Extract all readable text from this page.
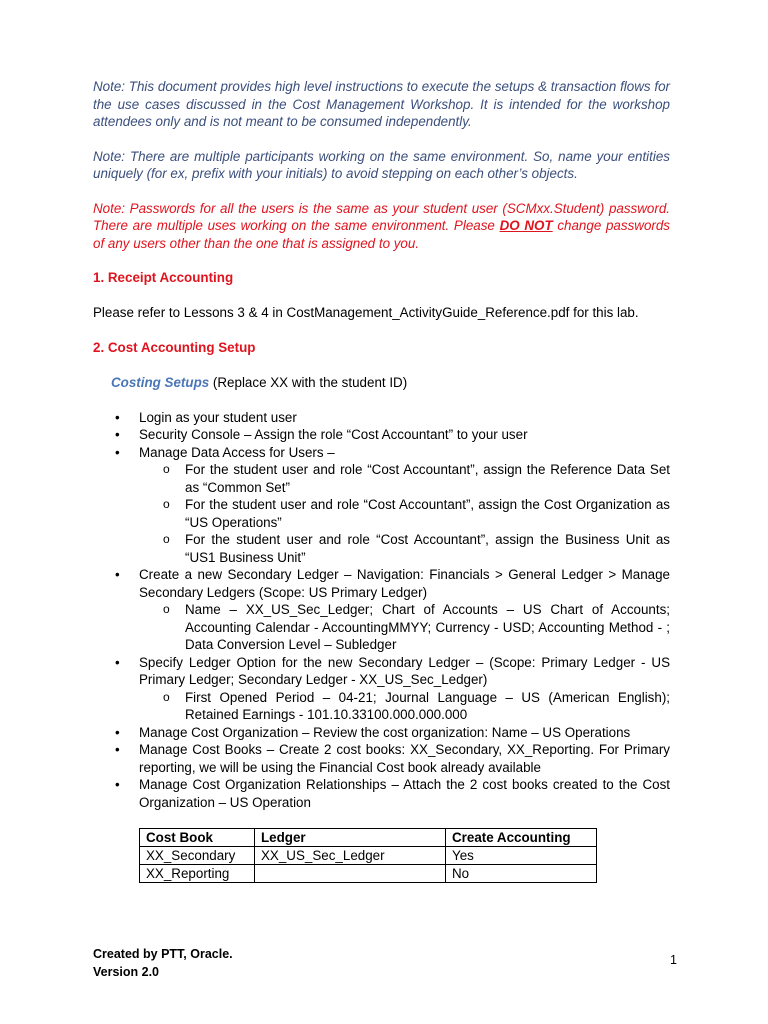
Note: This document provides high level instructions to execute the setups & transaction flows for the use cases discussed in the Cost Management Workshop. It is intended for the workshop attendees only and is not meant to be consumed independently.

Note: There are multiple participants working on the same environment. So, name your entities uniquely (for ex, prefix with your initials) to avoid stepping on each other’s objects.

Note: Passwords for all the users is the same as your student user (SCMxx.Student) password. There are multiple uses working on the same environment. Please DO NOT change passwords of any users other than the one that is assigned to you.

1. Receipt Accounting

Please refer to Lessons 3 & 4 in CostManagement_ActivityGuide_Reference.pdf for this lab.

2. Cost Accounting Setup

Costing Setups (Replace XX with the student ID)

• Login as your student user
• Security Console – Assign the role “Cost Accountant” to your user
• Manage Data Access for Users –
o For the student user and role “Cost Accountant”, assign the Reference Data Set as “Common Set”
o For the student user and role “Cost Accountant”, assign the Cost Organization as “US Operations”
o For the student user and role “Cost Accountant”, assign the Business Unit as “US1 Business Unit”
• Create a new Secondary Ledger – Navigation: Financials > General Ledger > Manage Secondary Ledgers (Scope: US Primary Ledger)
o Name – XX_US_Sec_Ledger; Chart of Accounts – US Chart of Accounts; Accounting Calendar - AccountingMMYY; Currency - USD; Accounting Method - ; Data Conversion Level – Subledger
• Specify Ledger Option for the new Secondary Ledger – (Scope: Primary Ledger - US Primary Ledger; Secondary Ledger - XX_US_Sec_Ledger)
o First Opened Period – 04-21; Journal Language – US (American English); Retained Earnings - 101.10.33100.000.000.000
• Manage Cost Organization – Review the cost organization: Name – US Operations
• Manage Cost Books – Create 2 cost books: XX_Secondary, XX_Reporting. For Primary reporting, we will be using the Financial Cost book already available
• Manage Cost Organization Relationships – Attach the 2 cost books created to the Cost Organization – US Operation
Cost Book	Ledger	Create Accounting
XX_Secondary	XX_US_Sec_Ledger	Yes
XX_Reporting		No
Created by PTT, Oracle.
Version 2.0
1
